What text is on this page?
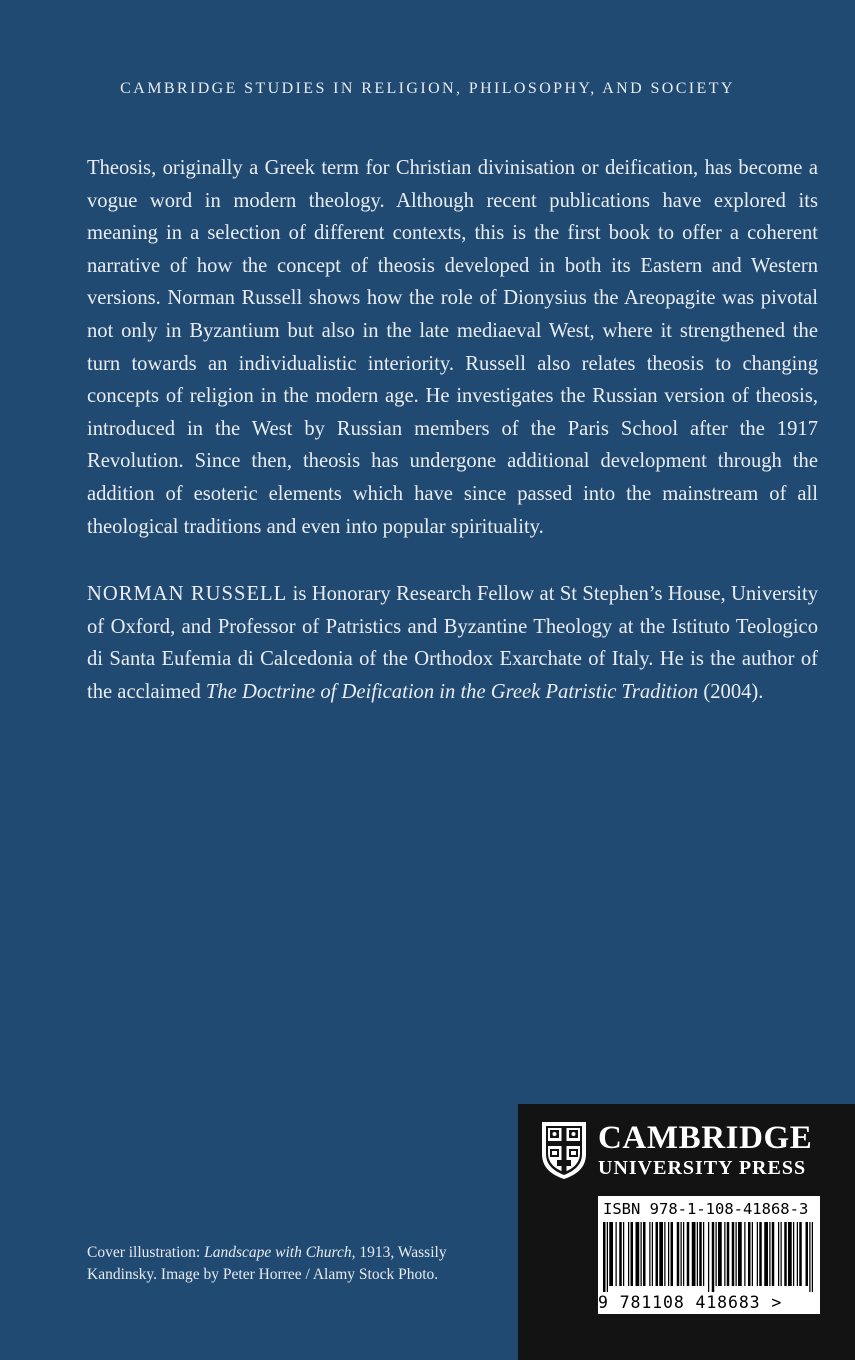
CAMBRIDGE STUDIES IN RELIGION, PHILOSOPHY, AND SOCIETY

Theosis, originally a Greek term for Christian divinisation or deification, has become a vogue word in modern theology. Although recent publications have explored its meaning in a selection of different contexts, this is the first book to offer a coherent narrative of how the concept of theosis developed in both its Eastern and Western versions. Norman Russell shows how the role of Dionysius the Areopagite was pivotal not only in Byzantium but also in the late mediaeval West, where it strengthened the turn towards an individualistic interiority. Russell also relates theosis to changing concepts of religion in the modern age. He investigates the Russian version of theosis, introduced in the West by Russian members of the Paris School after the 1917 Revolution. Since then, theosis has undergone additional development through the addition of esoteric elements which have since passed into the mainstream of all theological traditions and even into popular spirituality.

NORMAN RUSSELL is Honorary Research Fellow at St Stephen’s House, University of Oxford, and Professor of Patristics and Byzantine Theology at the Istituto Teologico di Santa Eufemia di Calcedonia of the Orthodox Exarchate of Italy. He is the author of the acclaimed The Doctrine of Deification in the Greek Patristic Tradition (2004).

Cover illustration: Landscape with Church, 1913, Wassily Kandinsky. Image by Peter Horree / Alamy Stock Photo.
CAMBRIDGE
UNIVERSITY PRESS
ISBN 978-1-108-41868-3
9 781108 418683 >
